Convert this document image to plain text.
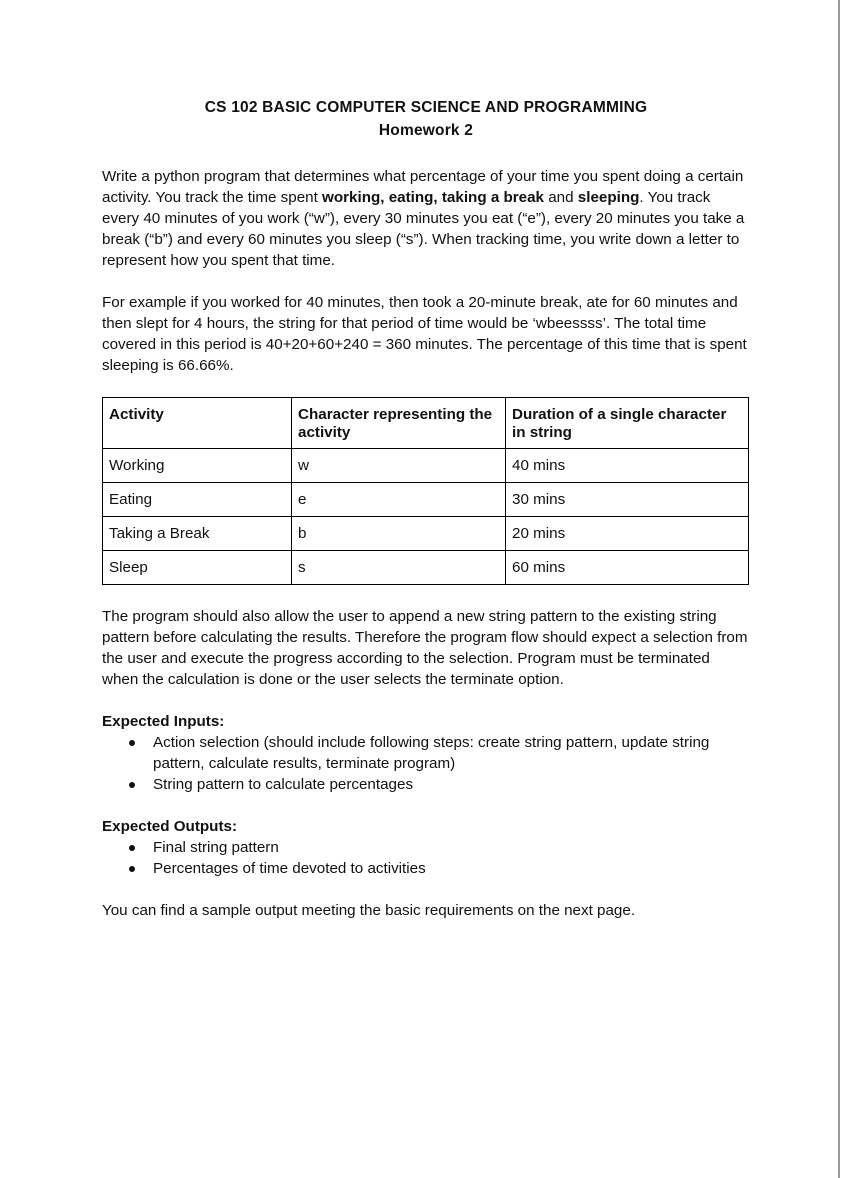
CS 102 BASIC COMPUTER SCIENCE AND PROGRAMMING
Homework 2

Write a python program that determines what percentage of your time you spent doing a certain activity. You track the time spent working, eating, taking a break and sleeping. You track every 40 minutes of you work (“w”), every 30 minutes you eat (“e”), every 20 minutes you take a break (“b”) and every 60 minutes you sleep (“s”). When tracking time, you write down a letter to represent how you spent that time.

For example if you worked for 40 minutes, then took a 20-minute break, ate for 60 minutes and then slept for 4 hours, the string for that period of time would be ‘wbeessss’. The total time covered in this period is 40+20+60+240 = 360 minutes. The percentage of this time that is spent sleeping is 66.66%.

Activity	Character representing the activity	Duration of a single character in string
Working	w	40 mins
Eating	e	30 mins
Taking a Break	b	20 mins
Sleep	s	60 mins

The program should also allow the user to append a new string pattern to the existing string pattern before calculating the results. Therefore the program flow should expect a selection from the user and execute the progress according to the selection. Program must be terminated when the calculation is done or the user selects the terminate option.

Expected Inputs:
Action selection (should include following steps: create string pattern, update string pattern, calculate results, terminate program)
String pattern to calculate percentages
Expected Outputs:
Final string pattern
Percentages of time devoted to activities

You can find a sample output meeting the basic requirements on the next page.
